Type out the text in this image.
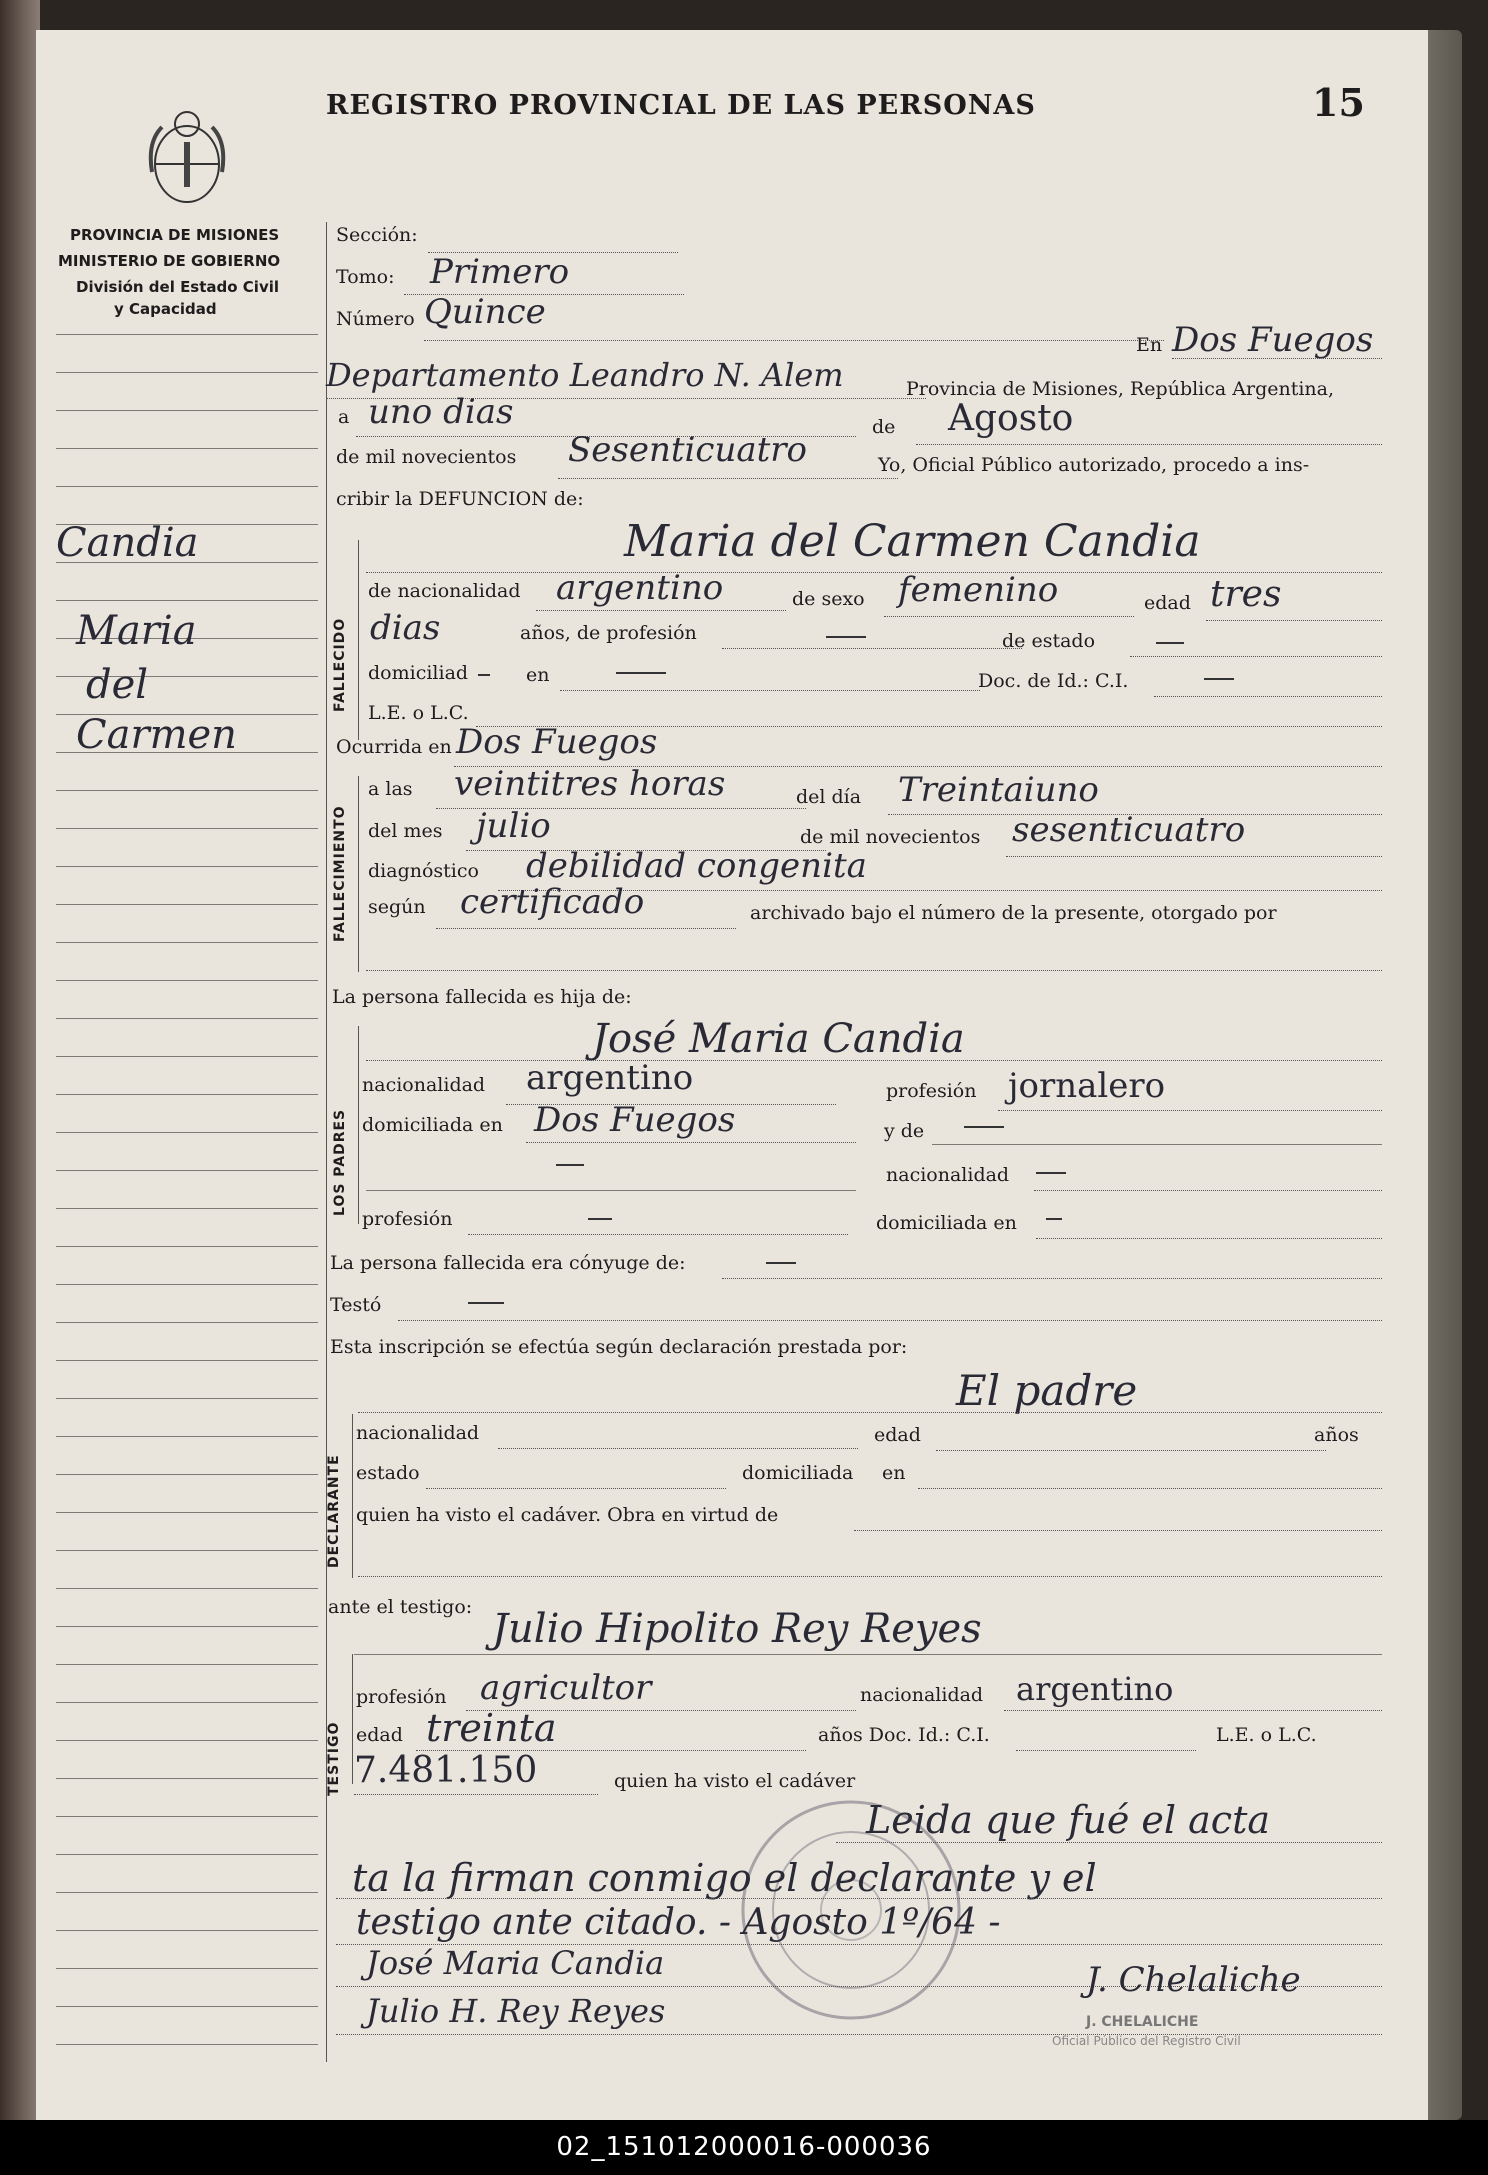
REGISTRO PROVINCIAL DE LAS PERSONAS	15
PROVINCIA DE MISIONES
MINISTERIO DE GOBIERNO
División del Estado Civil
y Capacidad
Candia
Maria
del
Carmen
Sección:
Tomo: Primero
Número Quince
En Dos Fuegos
Departamento Leandro N. Alem	Provincia de Misiones, República Argentina,
a uno dias	de Agosto
de mil novecientos Sesenticuatro	Yo, Oficial Público autorizado, procedo a ins-
cribir la DEFUNCION de:
FALLECIDO
Maria del Carmen Candia
de nacionalidad argentino	de sexo femenino	edad tres
dias	años, de profesión	de estado
domiciliad	en	Doc. de Id.: C.I.
L.E. o L.C.
Ocurrida en Dos Fuegos
FALLECIMIENTO
a las veintitres horas	del día Treintaiuno
del mes julio	de mil novecientos sesenticuatro
diagnóstico debilidad congenita
según certificado	archivado bajo el número de la presente, otorgado por
La persona fallecida es hija de:
LOS PADRES
José Maria Candia
nacionalidad argentino	profesión jornalero
domiciliada en Dos Fuegos	y de
nacionalidad
profesión	domiciliada en
La persona fallecida era cónyuge de:
Testó
Esta inscripción se efectúa según declaración prestada por:
DECLARANTE
El padre
nacionalidad	edad	años
estado	domiciliada en
quien ha visto el cadáver. Obra en virtud de
ante el testigo: Julio Hipolito Rey Reyes
TESTIGO
profesión agricultor	nacionalidad argentino
edad treinta	años Doc. Id.: C.I.	L.E. o L.C.
7.481.150	quien ha visto el cadáver
Leida que fué el acta
ta la firman conmigo el declarante y el
testigo ante citado. - Agosto 1º/64 -
José Maria Candia
Julio H. Rey Reyes
J. Chelaliche
J. CHELALICHE
Oficial Público del Registro Civil
02_151012000016-000036
